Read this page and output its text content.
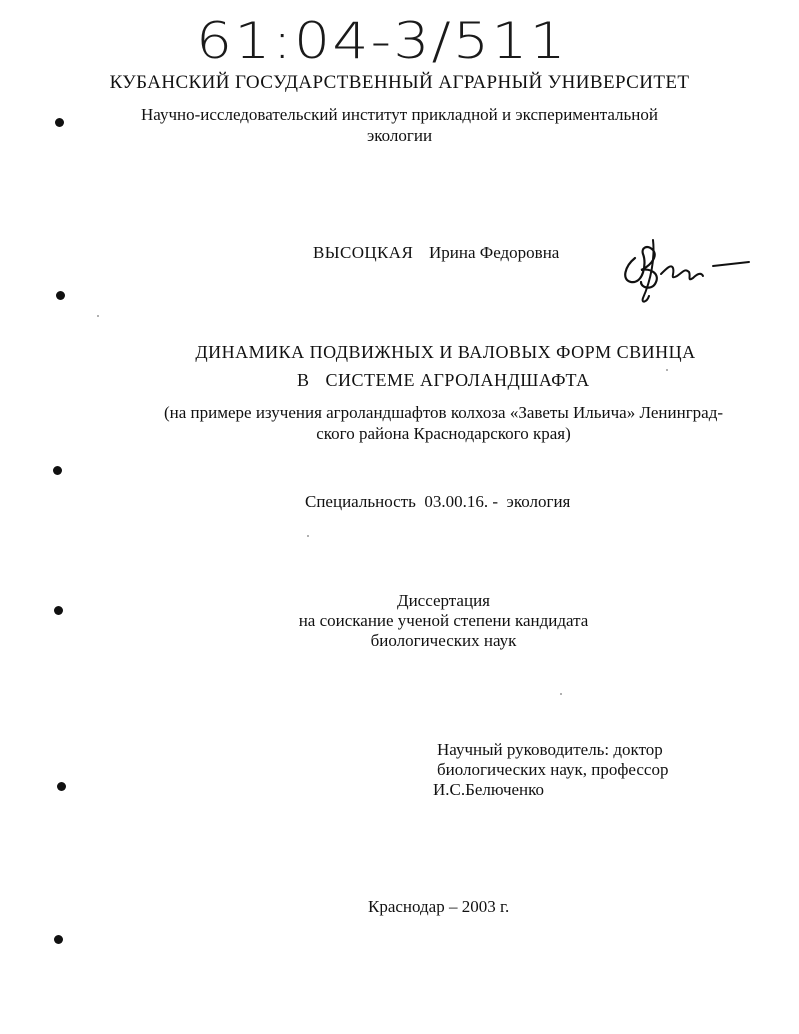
61:04-3/511
КУБАНСКИЙ ГОСУДАРСТВЕННЫЙ АГРАРНЫЙ УНИВЕРСИТЕТ
Научно-исследовательский институт прикладной и экспериментальной
экологии
ВЫСОЦКАЯ Ирина Федоровна
ДИНАМИКА ПОДВИЖНЫХ И ВАЛОВЫХ ФОРМ СВИНЦА
В СИСТЕМЕ АГРОЛАНДШАФТА
(на примере изучения агроландшафтов колхоза «Заветы Ильича» Ленинград-
ского района Краснодарского края)
Специальность 03.00.16. - экология
Диссертация
на соискание ученой степени кандидата
биологических наук
Научный руководитель: доктор
биологических наук, профессор
И.С.Белюченко
Краснодар – 2003 г.
